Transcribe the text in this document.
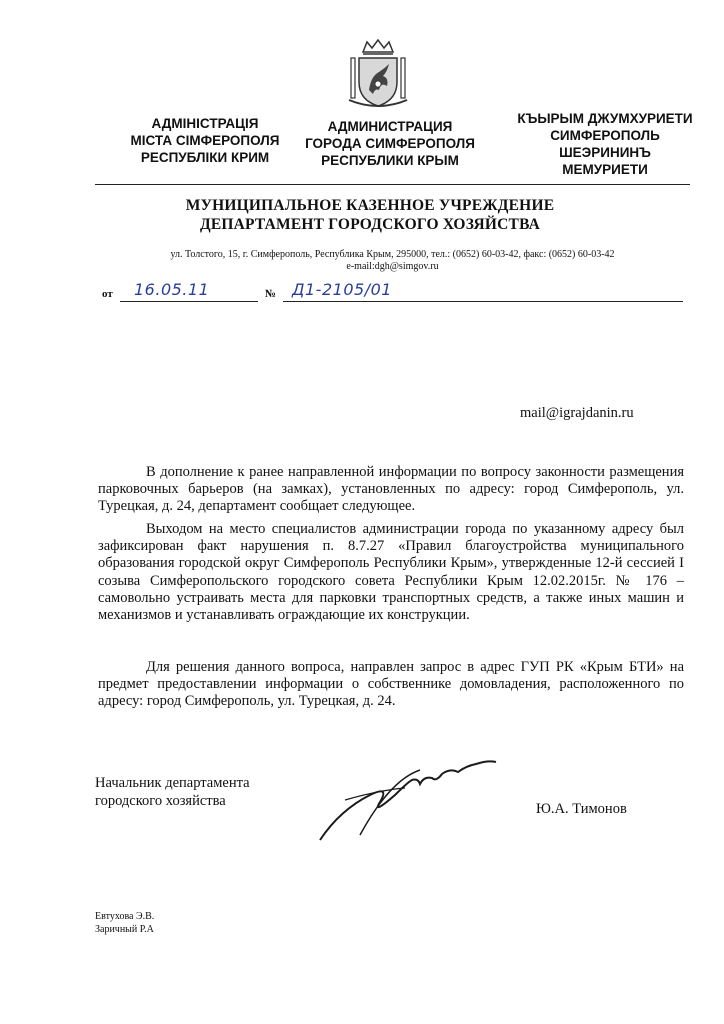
АДМІНІСТРАЦІЯ
МІСТА СІМФЕРОПОЛЯ
РЕСПУБЛІКИ КРИМ
АДМИНИСТРАЦИЯ
ГОРОДА СИМФЕРОПОЛЯ
РЕСПУБЛИКИ КРЫМ
КЪЫРЫМ ДЖУМХУРИЕТИ
СИМФЕРОПОЛЬ
ШЕЭРИНИНЪ
МЕМУРИЕТИ
МУНИЦИПАЛЬНОЕ КАЗЕННОЕ УЧРЕЖДЕНИЕ
ДЕПАРТАМЕНТ ГОРОДСКОГО ХОЗЯЙСТВА
ул. Толстого, 15, г. Симферополь, Республика Крым, 295000, тел.: (0652) 60-03-42, факс: (0652) 60-03-42
e-mail:dgh@simgov.ru
от 16.05.11	№ Д1-2105/01
mail@igrajdanin.ru

В дополнение к ранее направленной информации по вопросу законности размещения парковочных барьеров (на замках), установленных по адресу: город Симферополь, ул. Турецкая, д. 24, департамент сообщает следующее.

Выходом на место специалистов администрации города по указанному адресу был зафиксирован факт нарушения п. 8.7.27 «Правил благоустройства муниципального образования городской округ Симферополь Республики Крым», утвержденные 12-й сессией I созыва Симферопольского городского совета Республики Крым 12.02.2015г. № 176 – самовольно устраивать места для парковки транспортных средств, а также иных машин и механизмов и устанавливать ограждающие их конструкции.

Для решения данного вопроса, направлен запрос в адрес ГУП РК «Крым БТИ» на предмет предоставлении информации о собственнике домовладения, расположенного по адресу: город Симферополь, ул. Турецкая, д. 24.

Начальник департамента
городского хозяйства	Ю.А. Тимонов
Евтухова Э.В.
Заричный Р.А
